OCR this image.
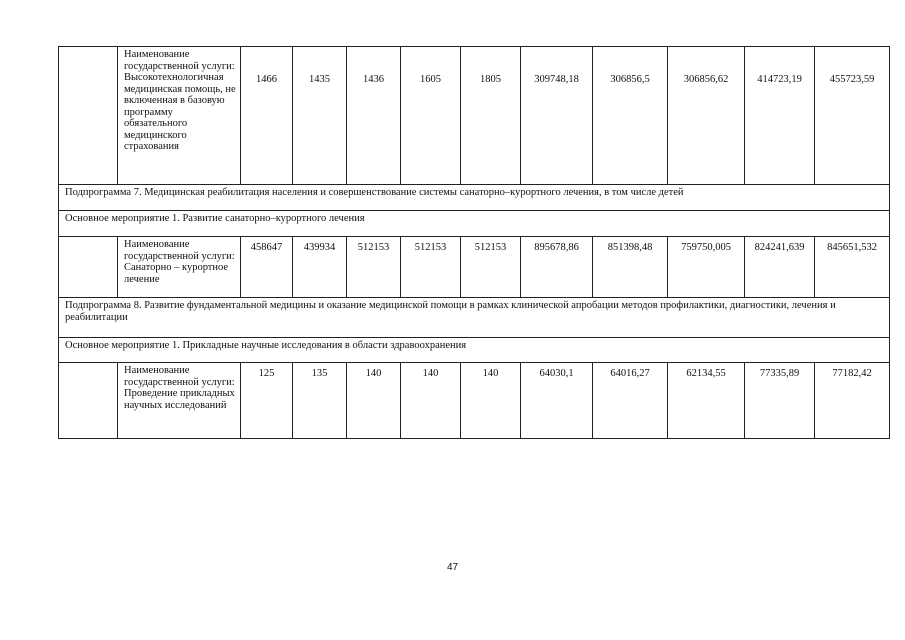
	Наименование государственной услуги: Высокотехнологичная медицинская помощь, не включенная в базовую программу обязательного медицинского страхования	1466	1435	1436	1605	1805	309748,18	306856,5	306856,62	414723,19	455723,59
Подпрограмма 7. Медицинская реабилитация населения и совершенствование системы санаторно–курортного лечения, в том числе детей											
Основное мероприятие 1. Развитие санаторно–курортного лечения											
	Наименование государственной услуги: Санаторно – курортное лечение	458647	439934	512153	512153	512153	895678,86	851398,48	759750,005	824241,639	845651,532
Подпрограмма 8. Развитие фундаментальной медицины и оказание медицинской помощи в рамках клинической апробации методов профилактики, диагностики, лечения и реабилитации											
Основное мероприятие 1. Прикладные научные исследования в области здравоохранения											
	Наименование государственной услуги: Проведение прикладных научных исследований	125	135	140	140	140	64030,1	64016,27	62134,55	77335,89	77182,42
47
